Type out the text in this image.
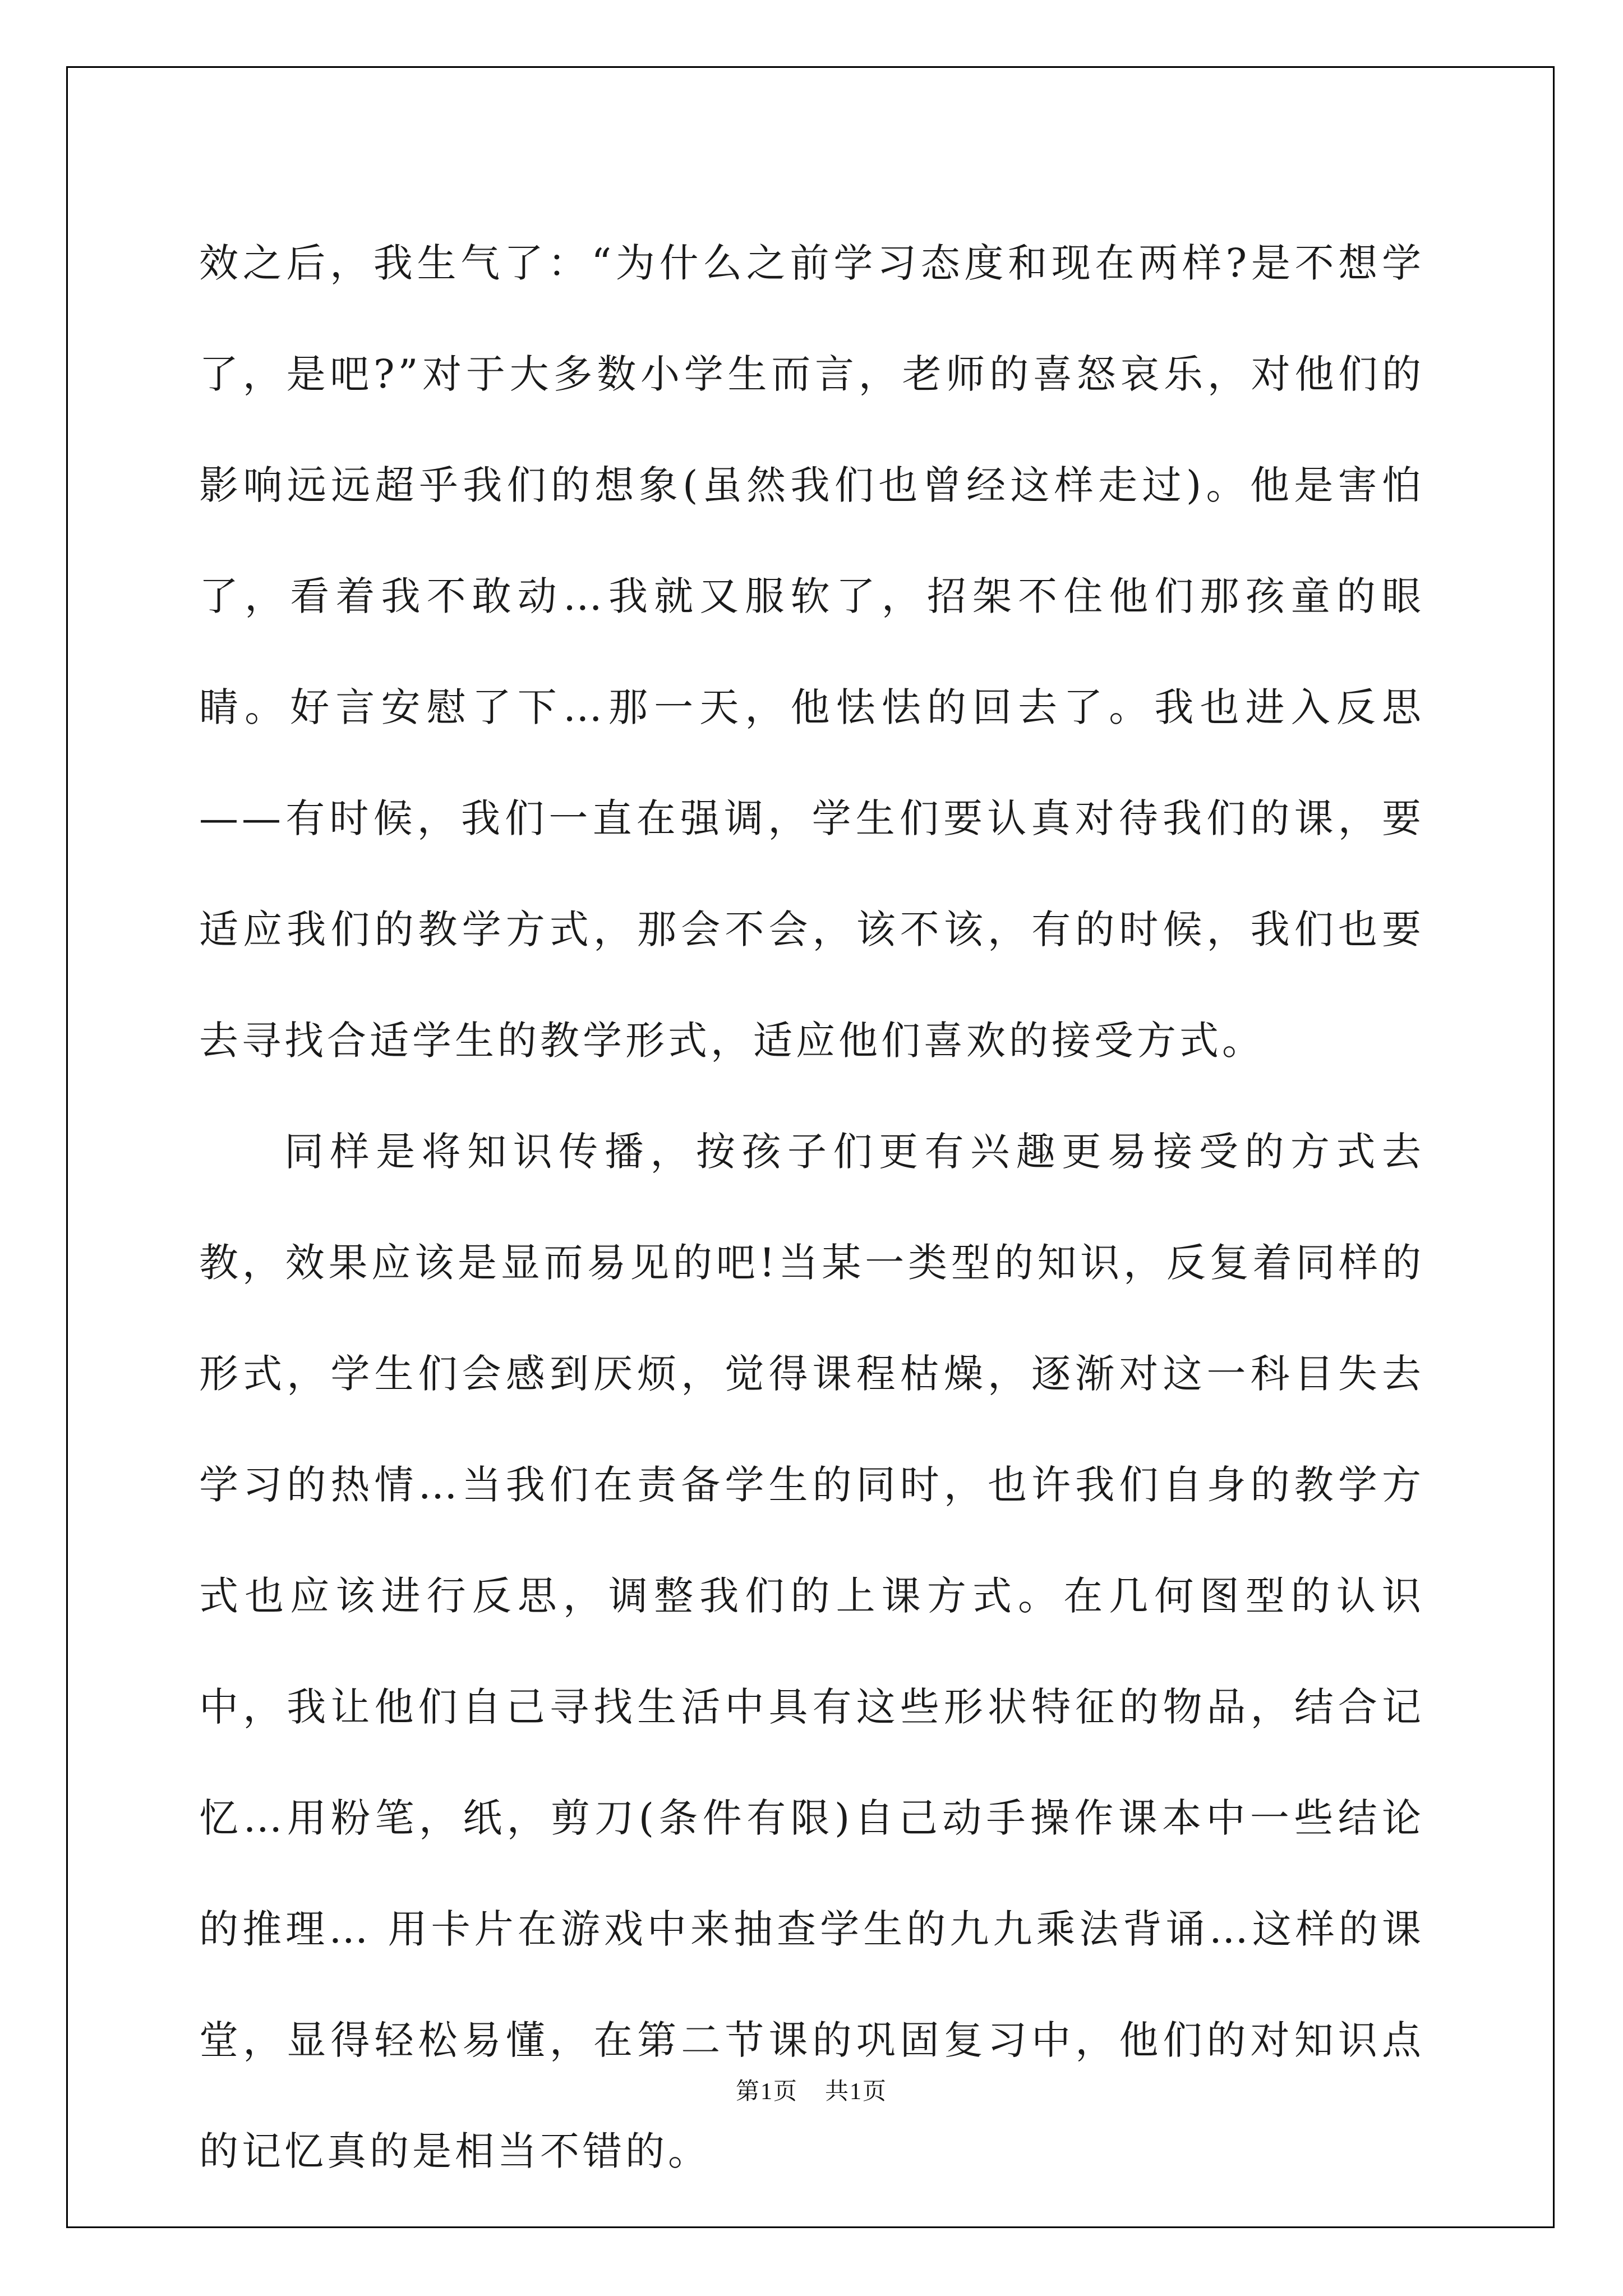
效之后，我生气了：“为什么之前学习态度和现在两样?是不想学了，是吧?”对于大多数小学生而言，老师的喜怒哀乐，对他们的影响远远超乎我们的想象(虽然我们也曾经这样走过)。他是害怕了，看着我不敢动…我就又服软了，招架不住他们那孩童的眼睛。好言安慰了下…那一天，他怯怯的回去了。我也进入反思——有时候，我们一直在强调，学生们要认真对待我们的课，要适应我们的教学方式，那会不会，该不该，有的时候，我们也要去寻找合适学生的教学形式，适应他们喜欢的接受方式。

同样是将知识传播，按孩子们更有兴趣更易接受的方式去教，效果应该是显而易见的吧!当某一类型的知识，反复着同样的形式，学生们会感到厌烦，觉得课程枯燥，逐渐对这一科目失去学习的热情…当我们在责备学生的同时，也许我们自身的教学方式也应该进行反思，调整我们的上课方式。在几何图型的认识中，我让他们自己寻找生活中具有这些形状特征的物品，结合记忆…用粉笔，纸，剪刀(条件有限)自己动手操作课本中一些结论的推理… 用卡片在游戏中来抽查学生的九九乘法背诵…这样的课堂，显得轻松易懂，在第二节课的巩固复习中，他们的对知识点的记忆真的是相当不错的。

第1页 共1页
